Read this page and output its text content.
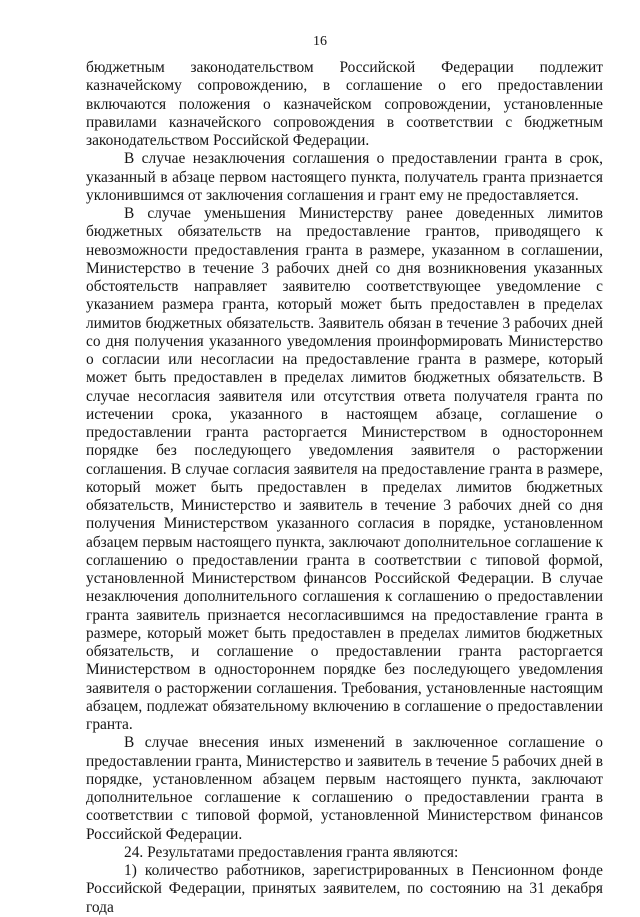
16

бюджетным законодательством Российской Федерации подлежит казначейскому сопровождению, в соглашение о его предоставлении включаются положения о казначейском сопровождении, установленные правилами казначейского сопровождения в соответствии с бюджетным законодательством Российской Федерации.

В случае незаключения соглашения о предоставлении гранта в срок, указанный в абзаце первом настоящего пункта, получатель гранта признается уклонившимся от заключения соглашения и грант ему не предоставляется.

В случае уменьшения Министерству ранее доведенных лимитов бюджетных обязательств на предоставление грантов, приводящего к невозможности предоставления гранта в размере, указанном в соглашении, Министерство в течение 3 рабочих дней со дня возникновения указанных обстоятельств направляет заявителю соответствующее уведомление с указанием размера гранта, который может быть предоставлен в пределах лимитов бюджетных обязательств. Заявитель обязан в течение 3 рабочих дней со дня получения указанного уведомления проинформировать Министерство о согласии или несогласии на предоставление гранта в размере, который может быть предоставлен в пределах лимитов бюджетных обязательств. В случае несогласия заявителя или отсутствия ответа получателя гранта по истечении срока, указанного в настоящем абзаце, соглашение о предоставлении гранта расторгается Министерством в одностороннем порядке без последующего уведомления заявителя о расторжении соглашения. В случае согласия заявителя на предоставление гранта в размере, который может быть предоставлен в пределах лимитов бюджетных обязательств, Министерство и заявитель в течение 3 рабочих дней со дня получения Министерством указанного согласия в порядке, установленном абзацем первым настоящего пункта, заключают дополнительное соглашение к соглашению о предоставлении гранта в соответствии с типовой формой, установленной Министерством финансов Российской Федерации. В случае незаключения дополнительного соглашения к соглашению о предоставлении гранта заявитель признается несогласившимся на предоставление гранта в размере, который может быть предоставлен в пределах лимитов бюджетных обязательств, и соглашение о предоставлении гранта расторгается Министерством в одностороннем порядке без последующего уведомления заявителя о расторжении соглашения. Требования, установленные настоящим абзацем, подлежат обязательному включению в соглашение о предоставлении гранта.

В случае внесения иных изменений в заключенное соглашение о предоставлении гранта, Министерство и заявитель в течение 5 рабочих дней в порядке, установленном абзацем первым настоящего пункта, заключают дополнительное соглашение к соглашению о предоставлении гранта в соответствии с типовой формой, установленной Министерством финансов Российской Федерации.

24. Результатами предоставления гранта являются:

1) количество работников, зарегистрированных в Пенсионном фонде Российской Федерации, принятых заявителем, по состоянию на 31 декабря года
